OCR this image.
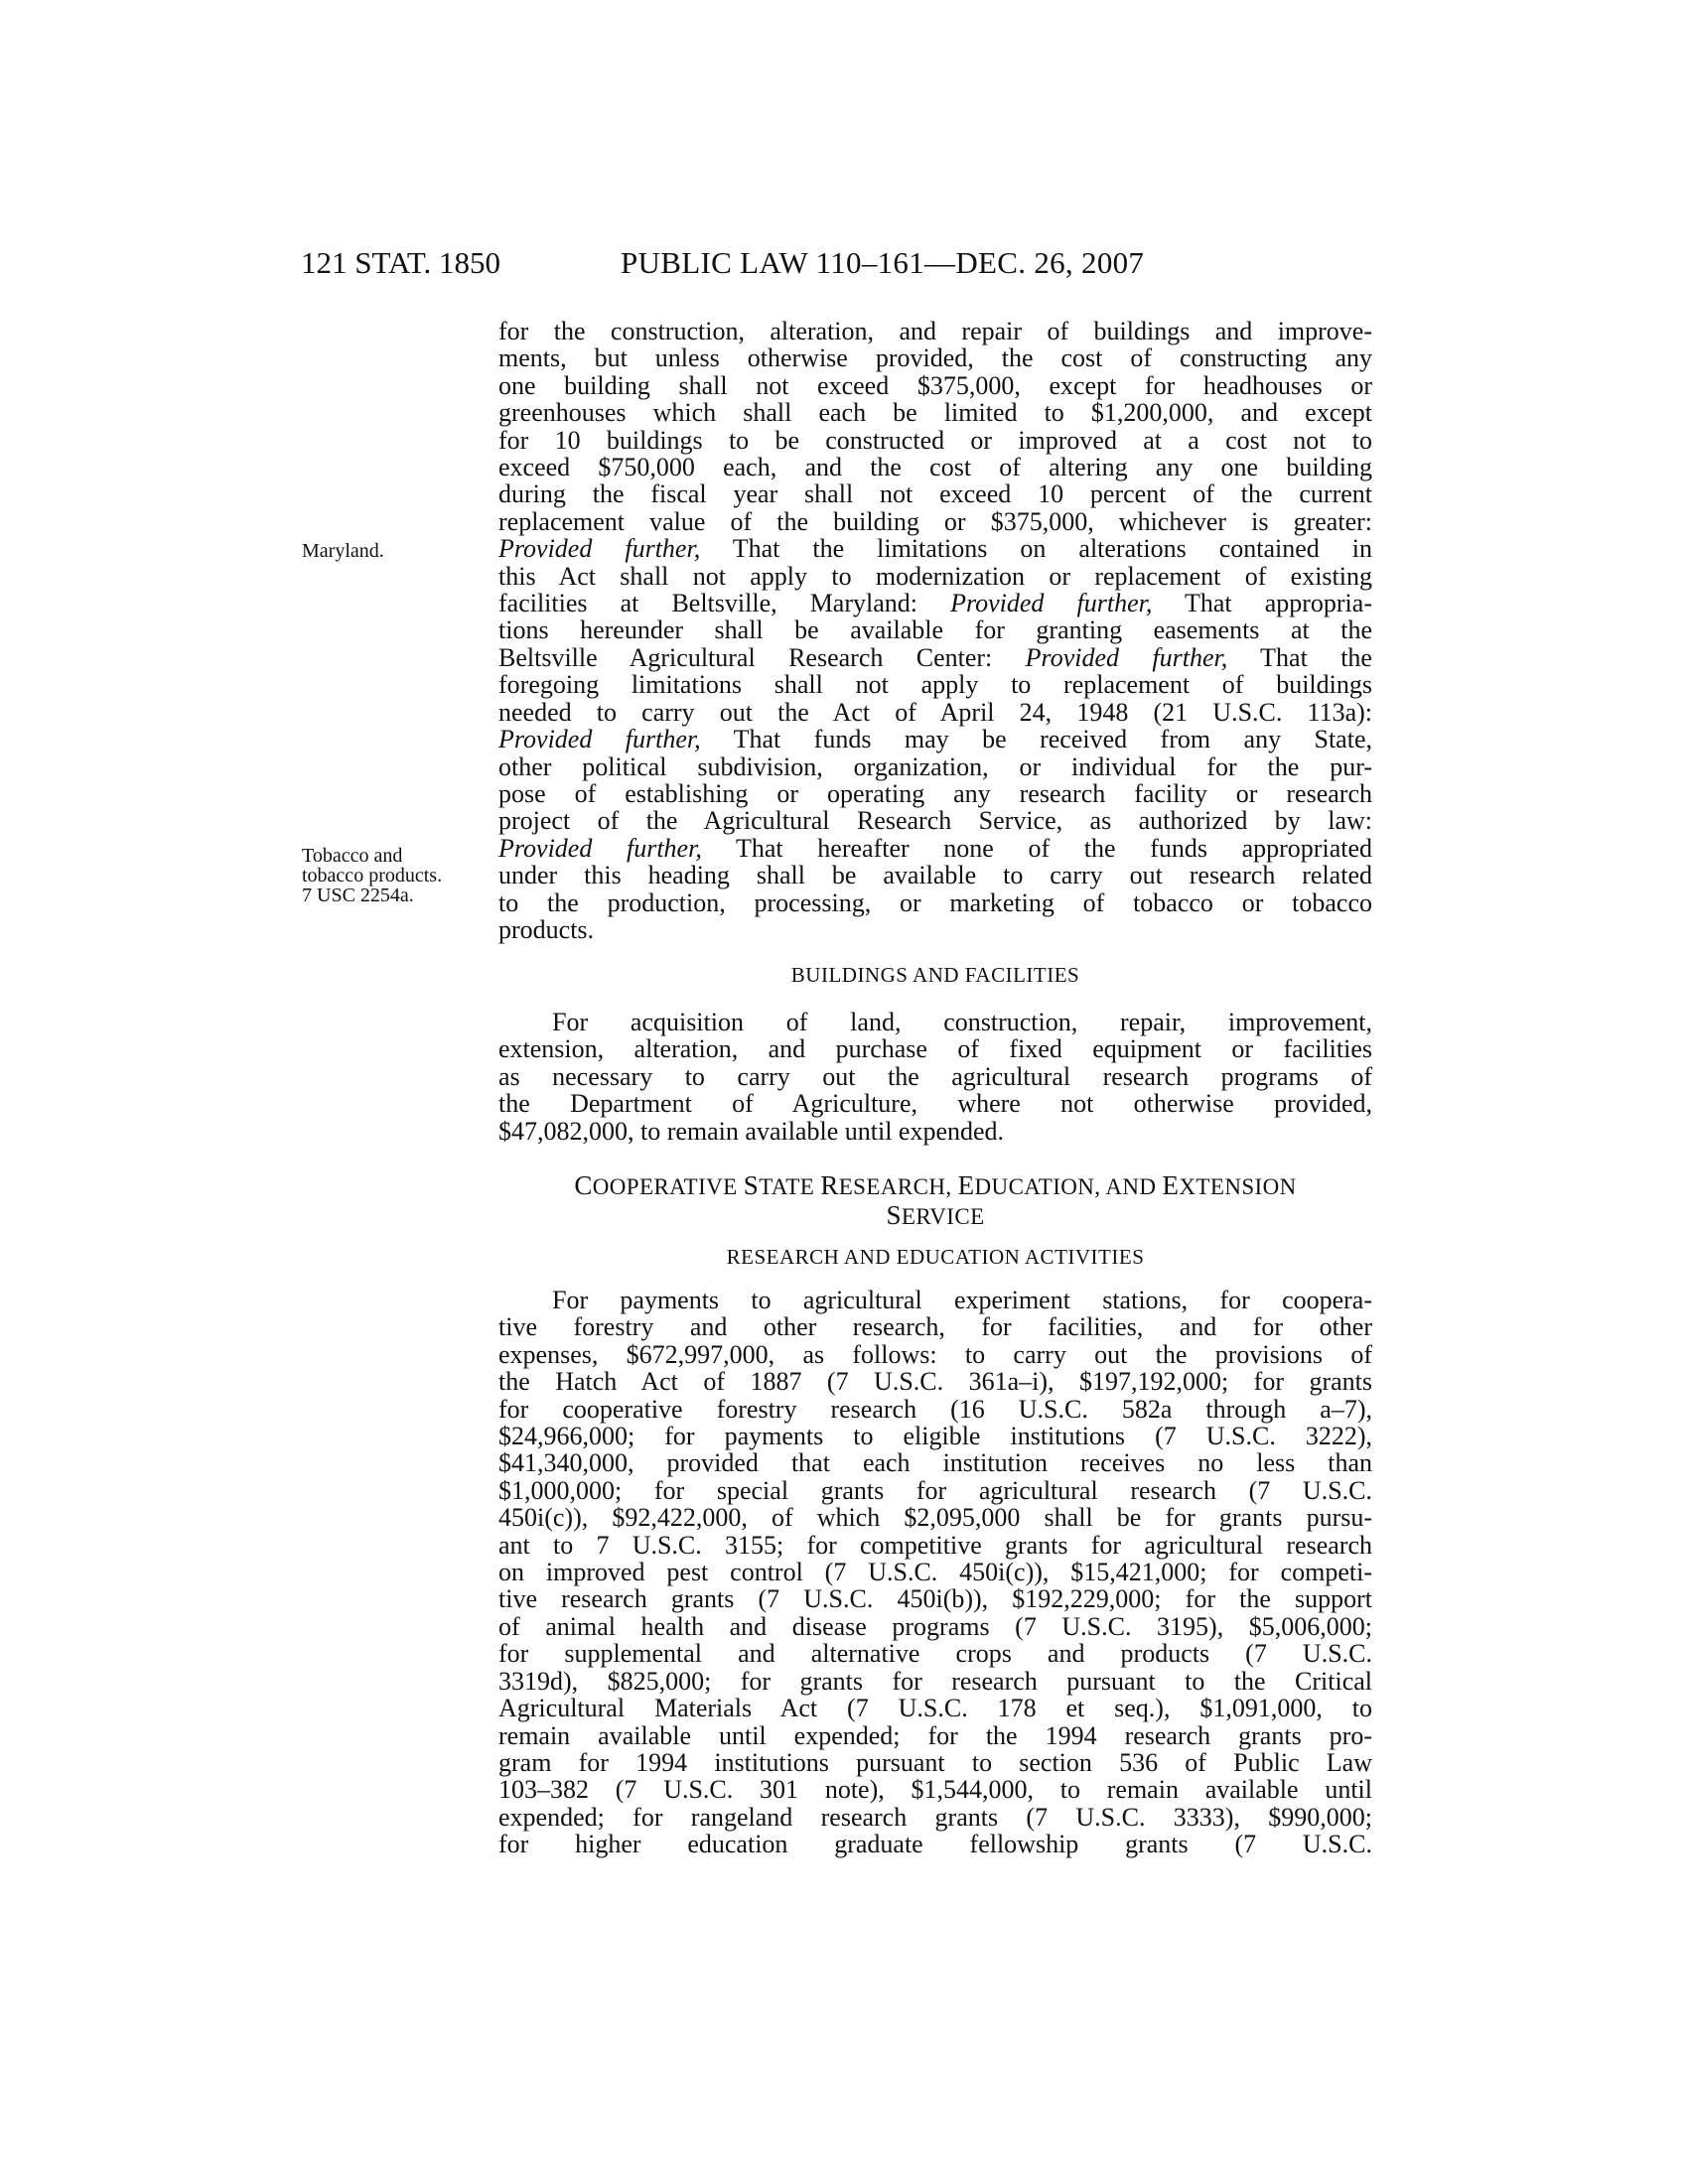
121 STAT. 1850	PUBLIC LAW 110–161—DEC. 26, 2007
Maryland.
Tobacco and
tobacco products.
7 USC 2254a.

for the construction, alteration, and repair of buildings and improve-
ments, but unless otherwise provided, the cost of constructing any
one building shall not exceed $375,000, except for headhouses or
greenhouses which shall each be limited to $1,200,000, and except
for 10 buildings to be constructed or improved at a cost not to
exceed $750,000 each, and the cost of altering any one building
during the fiscal year shall not exceed 10 percent of the current
replacement value of the building or $375,000, whichever is greater:
Provided further, That the limitations on alterations contained in
this Act shall not apply to modernization or replacement of existing
facilities at Beltsville, Maryland: Provided further, That appropria-
tions hereunder shall be available for granting easements at the
Beltsville Agricultural Research Center: Provided further, That the
foregoing limitations shall not apply to replacement of buildings
needed to carry out the Act of April 24, 1948 (21 U.S.C. 113a):
Provided further, That funds may be received from any State,
other political subdivision, organization, or individual for the pur-
pose of establishing or operating any research facility or research
project of the Agricultural Research Service, as authorized by law:
Provided further, That hereafter none of the funds appropriated
under this heading shall be available to carry out research related
to the production, processing, or marketing of tobacco or tobacco
products.

BUILDINGS AND FACILITIES

For acquisition of land, construction, repair, improvement,
extension, alteration, and purchase of fixed equipment or facilities
as necessary to carry out the agricultural research programs of
the Department of Agriculture, where not otherwise provided,
$47,082,000, to remain available until expended.

COOPERATIVE STATE RESEARCH, EDUCATION, AND EXTENSION

SERVICE

RESEARCH AND EDUCATION ACTIVITIES

For payments to agricultural experiment stations, for coopera-
tive forestry and other research, for facilities, and for other
expenses, $672,997,000, as follows: to carry out the provisions of
the Hatch Act of 1887 (7 U.S.C. 361a–i), $197,192,000; for grants
for cooperative forestry research (16 U.S.C. 582a through a–7),
$24,966,000; for payments to eligible institutions (7 U.S.C. 3222),
$41,340,000, provided that each institution receives no less than
$1,000,000; for special grants for agricultural research (7 U.S.C.
450i(c)), $92,422,000, of which $2,095,000 shall be for grants pursu-
ant to 7 U.S.C. 3155; for competitive grants for agricultural research
on improved pest control (7 U.S.C. 450i(c)), $15,421,000; for competi-
tive research grants (7 U.S.C. 450i(b)), $192,229,000; for the support
of animal health and disease programs (7 U.S.C. 3195), $5,006,000;
for supplemental and alternative crops and products (7 U.S.C.
3319d), $825,000; for grants for research pursuant to the Critical
Agricultural Materials Act (7 U.S.C. 178 et seq.), $1,091,000, to
remain available until expended; for the 1994 research grants pro-
gram for 1994 institutions pursuant to section 536 of Public Law
103–382 (7 U.S.C. 301 note), $1,544,000, to remain available until
expended; for rangeland research grants (7 U.S.C. 3333), $990,000;
for higher education graduate fellowship grants (7 U.S.C.
